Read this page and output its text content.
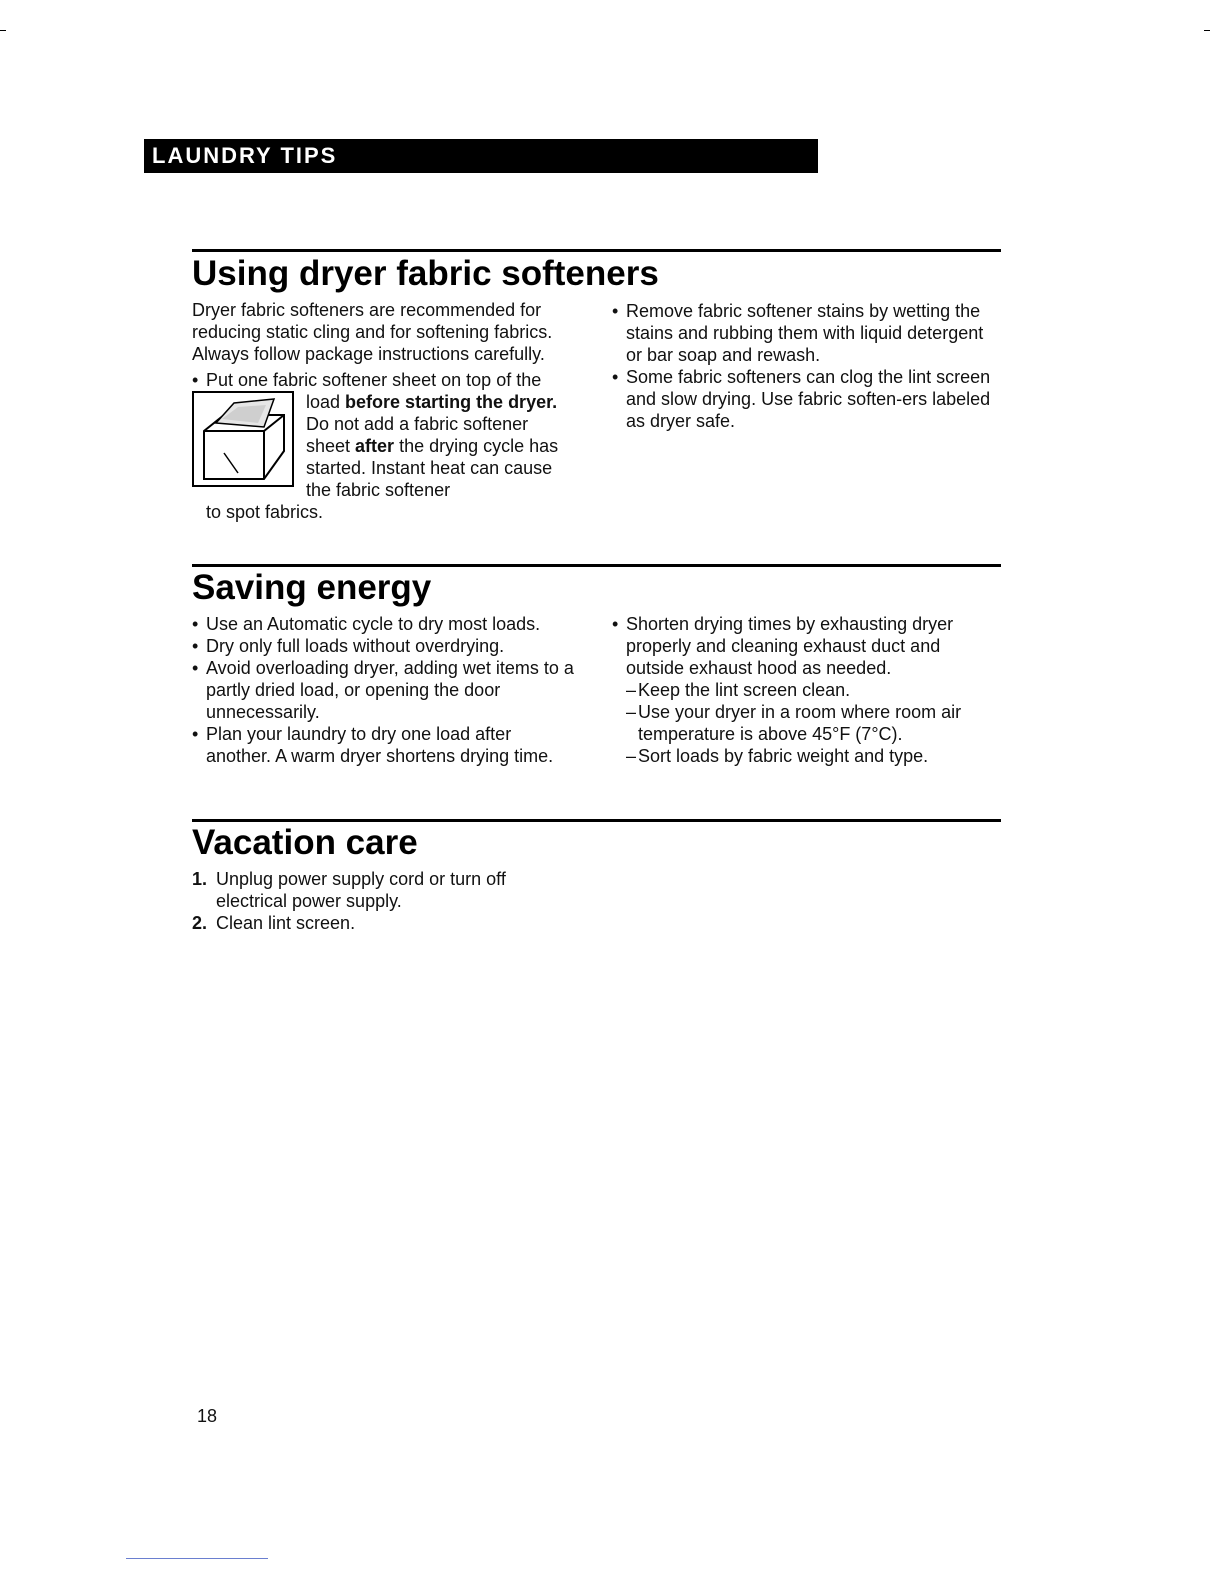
LAUNDRY TIPS
Using dryer fabric softeners

Dryer fabric softeners are recommended for reducing static cling and for softening fabrics. Always follow package instructions carefully.

• Put one fabric softener sheet on top of the

load before starting the dryer. Do not add a fabric softener sheet after the drying cycle has started. Instant heat can cause the fabric softener

to spot fabrics.

• Remove fabric softener stains by wetting the stains and rubbing them with liquid detergent or bar soap and rewash.

• Some fabric softeners can clog the lint screen and slow drying. Use fabric soften-ers labeled as dryer safe.

Saving energy

• Use an Automatic cycle to dry most loads.

• Dry only full loads without overdrying.

• Avoid overloading dryer, adding wet items to a partly dried load, or opening the door unnecessarily.

• Plan your laundry to dry one load after another. A warm dryer shortens drying time.

• Shorten drying times by exhausting dryer properly and cleaning exhaust duct and outside exhaust hood as needed.

– Keep the lint screen clean.

– Use your dryer in a room where room air temperature is above 45°F (7°C).

– Sort loads by fabric weight and type.

Vacation care

1. Unplug power supply cord or turn off electrical power supply.

2. Clean lint screen.

18
